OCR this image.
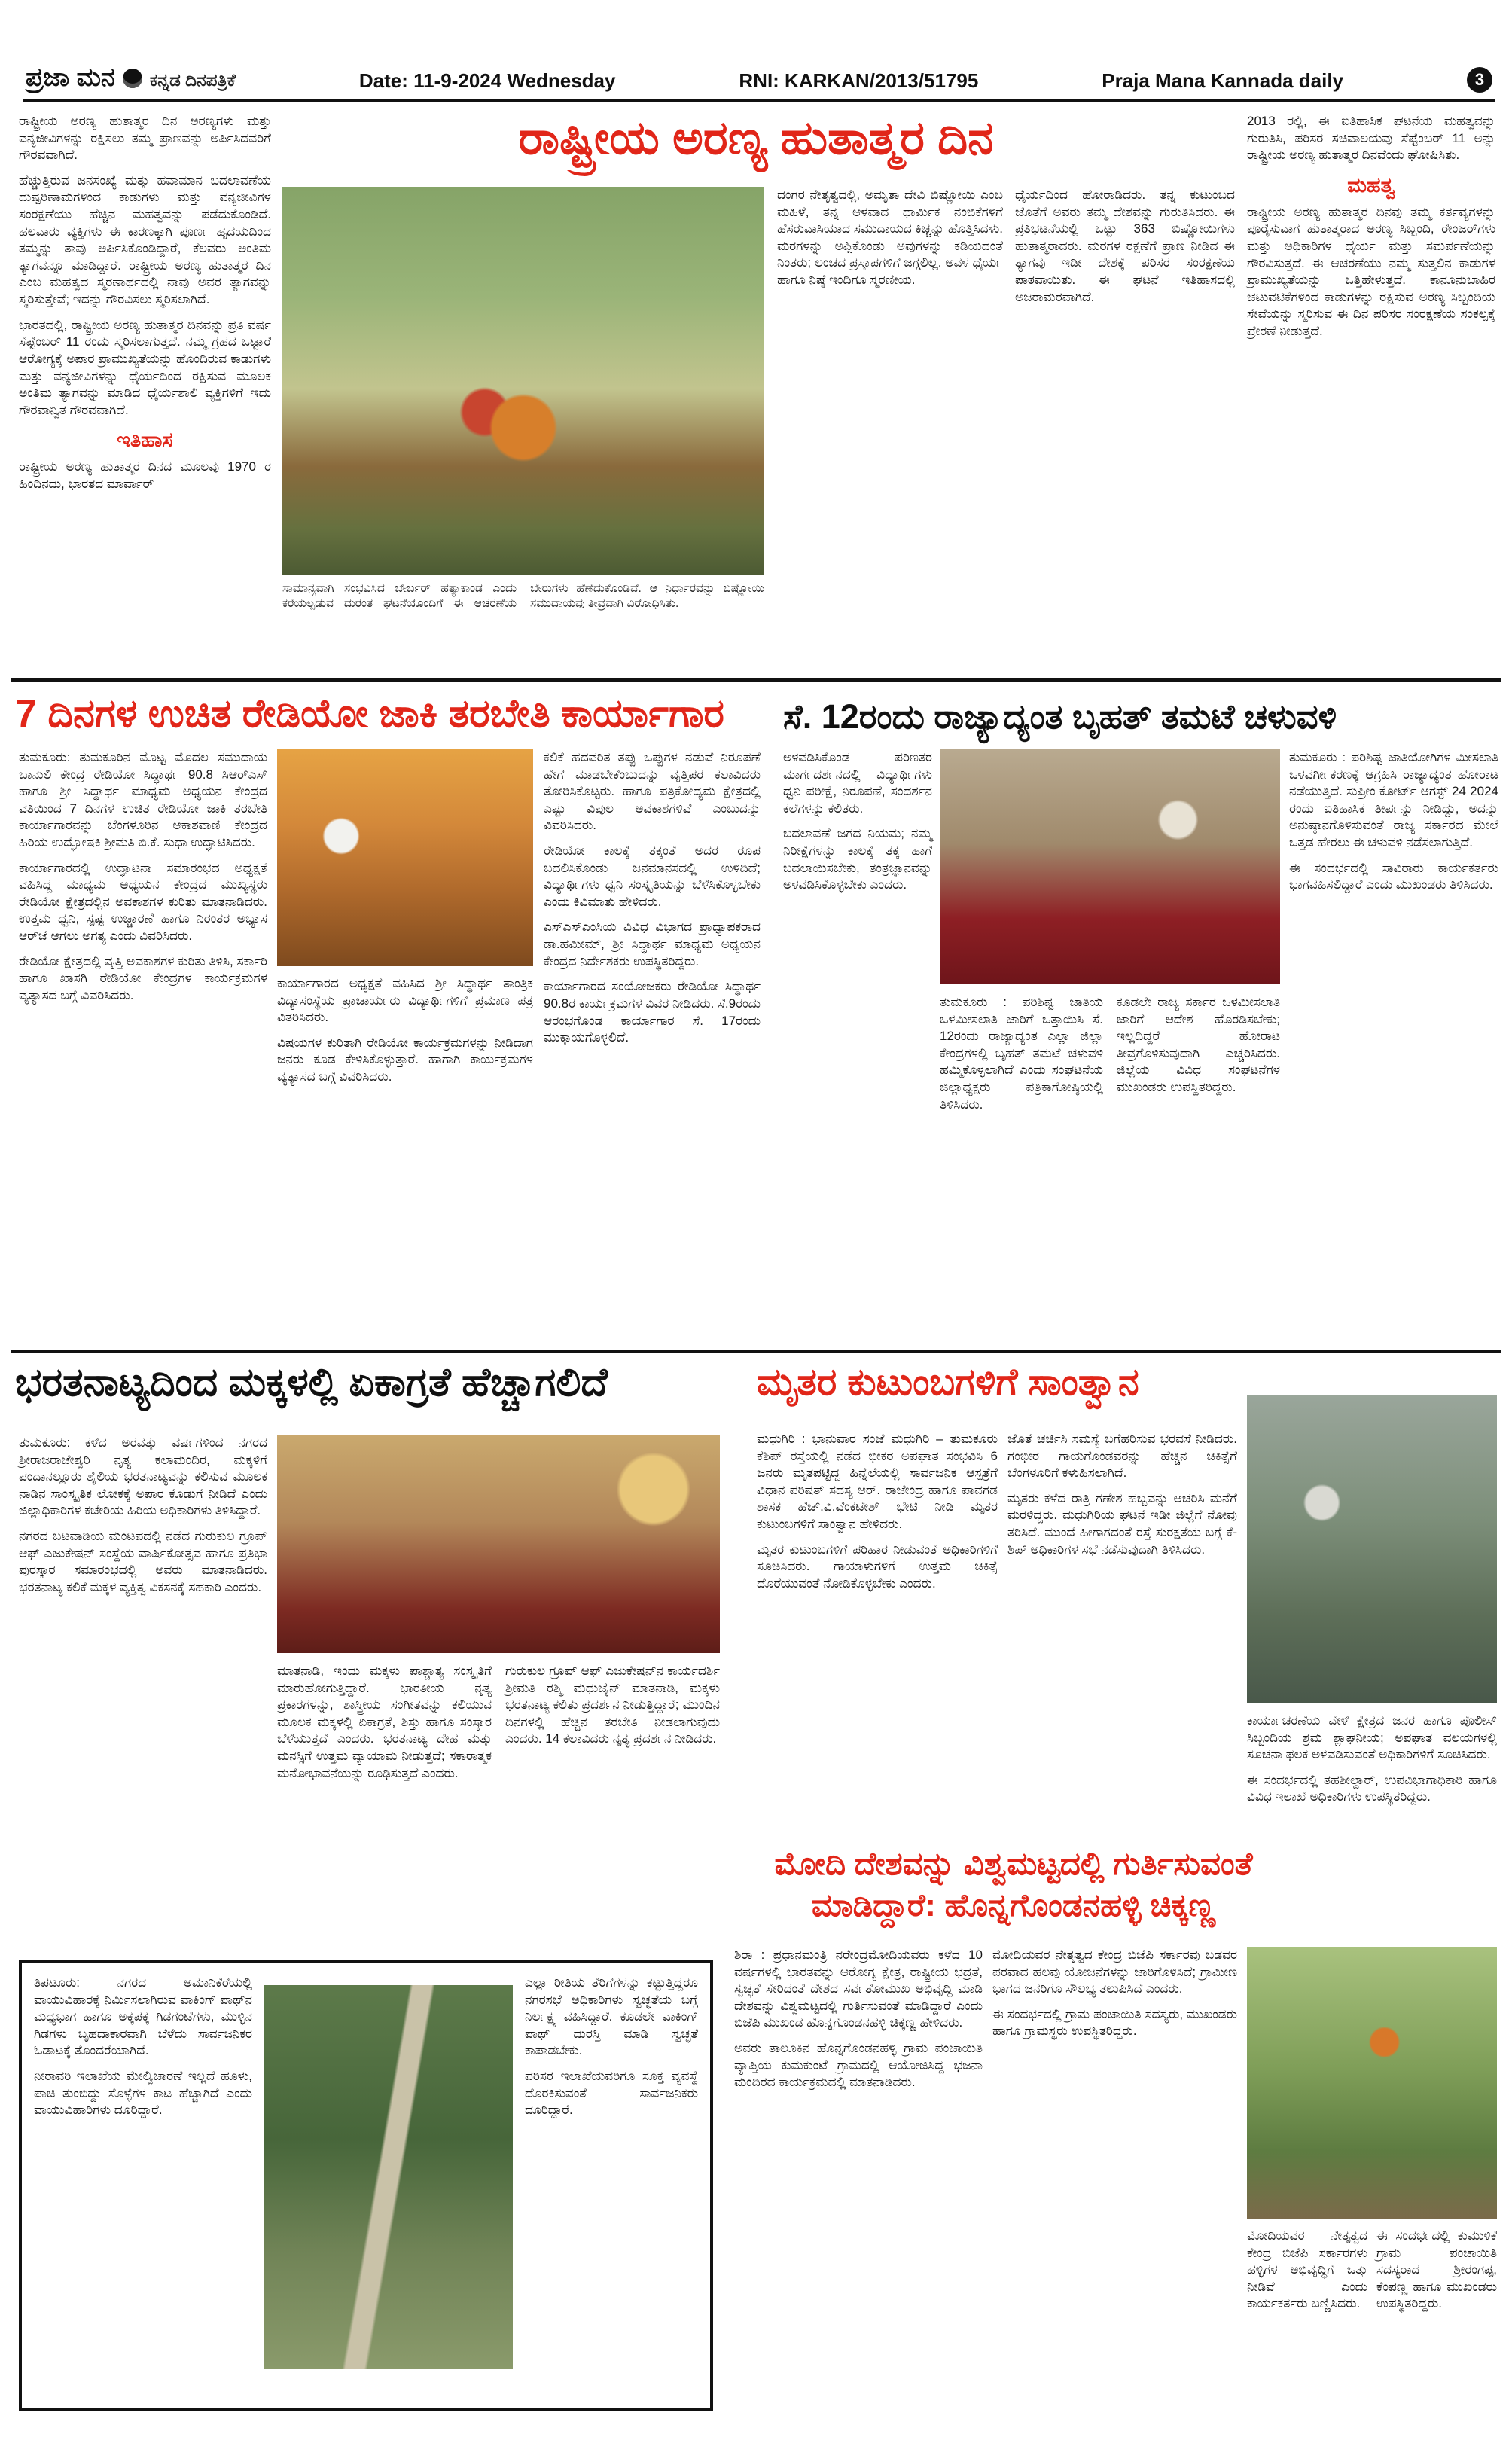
ಪ್ರಜಾ ಮನ ಕನ್ನಡ ದಿನಪತ್ರಿಕೆ	Date: 11-9-2024 Wednesday	RNI: KARKAN/2013/51795	Praja Mana Kannada daily	3

ರಾಷ್ಟ್ರೀಯ ಅರಣ್ಯ ಹುತಾತ್ಮರ ದಿನ ಅರಣ್ಯಗಳು ಮತ್ತು ವನ್ಯಜೀವಿಗಳನ್ನು ರಕ್ಷಿಸಲು ತಮ್ಮ ಪ್ರಾಣವನ್ನು ಅರ್ಪಿಸಿದವರಿಗೆ ಗೌರವವಾಗಿದೆ.

ಹೆಚ್ಚುತ್ತಿರುವ ಜನಸಂಖ್ಯೆ ಮತ್ತು ಹವಾಮಾನ ಬದಲಾವಣೆಯ ದುಷ್ಪರಿಣಾಮಗಳಿಂದ ಕಾಡುಗಳು ಮತ್ತು ವನ್ಯಜೀವಿಗಳ ಸಂರಕ್ಷಣೆಯು ಹೆಚ್ಚಿನ ಮಹತ್ವವನ್ನು ಪಡೆದುಕೊಂಡಿದೆ. ಹಲವಾರು ವ್ಯಕ್ತಿಗಳು ಈ ಕಾರಣಕ್ಕಾಗಿ ಪೂರ್ಣ ಹೃದಯದಿಂದ ತಮ್ಮನ್ನು ತಾವು ಅರ್ಪಿಸಿಕೊಂಡಿದ್ದಾರೆ, ಕೆಲವರು ಅಂತಿಮ ತ್ಯಾಗವನ್ನೂ ಮಾಡಿದ್ದಾರೆ. ರಾಷ್ಟ್ರೀಯ ಅರಣ್ಯ ಹುತಾತ್ಮರ ದಿನ ಎಂಬ ಮಹತ್ವದ ಸ್ಮರಣಾರ್ಥದಲ್ಲಿ ನಾವು ಅವರ ತ್ಯಾಗವನ್ನು ಸ್ಮರಿಸುತ್ತೇವೆ; ಇದನ್ನು ಗೌರವಿಸಲು ಸ್ಮರಿಸಲಾಗಿದೆ.

ಭಾರತದಲ್ಲಿ, ರಾಷ್ಟ್ರೀಯ ಅರಣ್ಯ ಹುತಾತ್ಮರ ದಿನವನ್ನು ಪ್ರತಿ ವರ್ಷ ಸೆಪ್ಟೆಂಬರ್ 11 ರಂದು ಸ್ಮರಿಸಲಾಗುತ್ತದೆ. ನಮ್ಮ ಗ್ರಹದ ಒಟ್ಟಾರೆ ಆರೋಗ್ಯಕ್ಕೆ ಅಪಾರ ಪ್ರಾಮುಖ್ಯತೆಯನ್ನು ಹೊಂದಿರುವ ಕಾಡುಗಳು ಮತ್ತು ವನ್ಯಜೀವಿಗಳನ್ನು ಧೈರ್ಯದಿಂದ ರಕ್ಷಿಸುವ ಮೂಲಕ ಅಂತಿಮ ತ್ಯಾಗವನ್ನು ಮಾಡಿದ ಧೈರ್ಯಶಾಲಿ ವ್ಯಕ್ತಿಗಳಿಗೆ ಇದು ಗೌರವಾನ್ವಿತ ಗೌರವವಾಗಿದೆ.

ಇತಿಹಾಸ

ರಾಷ್ಟ್ರೀಯ ಅರಣ್ಯ ಹುತಾತ್ಮರ ದಿನದ ಮೂಲವು 1970 ರ ಹಿಂದಿನದು, ಭಾರತದ ಮಾರ್ವಾರ್

ರಾಷ್ಟ್ರೀಯ ಅರಣ್ಯ ಹುತಾತ್ಮರ ದಿನ
ಸಾಮಾನ್ಯವಾಗಿ ಸಂಭವಿಸಿದ ಬೇರ್ಬರ್ ಹತ್ಯಾಕಾಂಡ ಎಂದು ಕರೆಯಲ್ಪಡುವ ದುರಂತ ಘಟನೆಯೊಂದಿಗೆ ಈ ಆಚರಣೆಯ ಬೇರುಗಳು ಹೆಣೆದುಕೊಂಡಿವೆ. ಆ ನಿರ್ಧಾರವನ್ನು ಬಿಷ್ಣೋಯಿ ಸಮುದಾಯವು ತೀವ್ರವಾಗಿ ವಿರೋಧಿಸಿತು.

ದಂಗರ ನೇತೃತ್ವದಲ್ಲಿ, ಅಮೃತಾ ದೇವಿ ಬಿಷ್ಣೋಯಿ ಎಂಬ ಮಹಿಳೆ, ತನ್ನ ಆಳವಾದ ಧಾರ್ಮಿಕ ನಂಬಿಕೆಗಳಿಗೆ ಹೆಸರುವಾಸಿಯಾದ ಸಮುದಾಯದ ಕಿಚ್ಚನ್ನು ಹೊತ್ತಿಸಿದಳು. ಮರಗಳನ್ನು ಅಪ್ಪಿಕೊಂಡು ಅವುಗಳನ್ನು ಕಡಿಯದಂತೆ ನಿಂತರು; ಲಂಚದ ಪ್ರಸ್ತಾಪಗಳಿಗೆ ಜಗ್ಗಲಿಲ್ಲ. ಅವಳ ಧೈರ್ಯ ಹಾಗೂ ನಿಷ್ಠೆ ಇಂದಿಗೂ ಸ್ಮರಣೀಯ.

ಧೈರ್ಯದಿಂದ ಹೋರಾಡಿದರು. ತನ್ನ ಕುಟುಂಬದ ಜೊತೆಗೆ ಅವರು ತಮ್ಮ ದೇಶವನ್ನು ಗುರುತಿಸಿದರು. ಈ ಪ್ರತಿಭಟನೆಯಲ್ಲಿ ಒಟ್ಟು 363 ಬಿಷ್ಣೋಯಿಗಳು ಹುತಾತ್ಮರಾದರು. ಮರಗಳ ರಕ್ಷಣೆಗೆ ಪ್ರಾಣ ನೀಡಿದ ಈ ತ್ಯಾಗವು ಇಡೀ ದೇಶಕ್ಕೆ ಪರಿಸರ ಸಂರಕ್ಷಣೆಯ ಪಾಠವಾಯಿತು. ಈ ಘಟನೆ ಇತಿಹಾಸದಲ್ಲಿ ಅಜರಾಮರವಾಗಿದೆ.

2013 ರಲ್ಲಿ, ಈ ಐತಿಹಾಸಿಕ ಘಟನೆಯ ಮಹತ್ವವನ್ನು ಗುರುತಿಸಿ, ಪರಿಸರ ಸಚಿವಾಲಯವು ಸೆಪ್ಟೆಂಬರ್ 11 ಅನ್ನು ರಾಷ್ಟ್ರೀಯ ಅರಣ್ಯ ಹುತಾತ್ಮರ ದಿನವೆಂದು ಘೋಷಿಸಿತು.

ಮಹತ್ವ

ರಾಷ್ಟ್ರೀಯ ಅರಣ್ಯ ಹುತಾತ್ಮರ ದಿನವು ತಮ್ಮ ಕರ್ತವ್ಯಗಳನ್ನು ಪೂರೈಸುವಾಗ ಹುತಾತ್ಮರಾದ ಅರಣ್ಯ ಸಿಬ್ಬಂದಿ, ರೇಂಜರ್‌ಗಳು ಮತ್ತು ಅಧಿಕಾರಿಗಳ ಧೈರ್ಯ ಮತ್ತು ಸಮರ್ಪಣೆಯನ್ನು ಗೌರವಿಸುತ್ತದೆ. ಈ ಆಚರಣೆಯು ನಮ್ಮ ಸುತ್ತಲಿನ ಕಾಡುಗಳ ಪ್ರಾಮುಖ್ಯತೆಯನ್ನು ಒತ್ತಿಹೇಳುತ್ತದೆ. ಕಾನೂನುಬಾಹಿರ ಚಟುವಟಿಕೆಗಳಿಂದ ಕಾಡುಗಳನ್ನು ರಕ್ಷಿಸುವ ಅರಣ್ಯ ಸಿಬ್ಬಂದಿಯ ಸೇವೆಯನ್ನು ಸ್ಮರಿಸುವ ಈ ದಿನ ಪರಿಸರ ಸಂರಕ್ಷಣೆಯ ಸಂಕಲ್ಪಕ್ಕೆ ಪ್ರೇರಣೆ ನೀಡುತ್ತದೆ.

7 ದಿನಗಳ ಉಚಿತ ರೇಡಿಯೋ ಜಾಕಿ ತರಬೇತಿ ಕಾರ್ಯಾಗಾರ	ಸೆ. 12ರಂದು ರಾಜ್ಯಾದ್ಯಂತ ಬೃಹತ್ ತಮಟೆ ಚಳುವಳಿ

ತುಮಕೂರು: ತುಮಕೂರಿನ ಮೊಟ್ಟ ಮೊದಲ ಸಮುದಾಯ ಬಾನುಲಿ ಕೇಂದ್ರ ರೇಡಿಯೋ ಸಿದ್ಧಾರ್ಥ 90.8 ಸಿಆರ್‌ಎಸ್ ಹಾಗೂ ಶ್ರೀ ಸಿದ್ಧಾರ್ಥ ಮಾಧ್ಯಮ ಅಧ್ಯಯನ ಕೇಂದ್ರದ ವತಿಯಿಂದ 7 ದಿನಗಳ ಉಚಿತ ರೇಡಿಯೋ ಜಾಕಿ ತರಬೇತಿ ಕಾರ್ಯಾಗಾರವನ್ನು ಬೆಂಗಳೂರಿನ ಆಕಾಶವಾಣಿ ಕೇಂದ್ರದ ಹಿರಿಯ ಉದ್ಘೋಷಕಿ ಶ್ರೀಮತಿ ಬಿ.ಕೆ. ಸುಧಾ ಉದ್ಘಾಟಿಸಿದರು.

ಕಾರ್ಯಾಗಾರದಲ್ಲಿ ಉದ್ಘಾಟನಾ ಸಮಾರಂಭದ ಅಧ್ಯಕ್ಷತೆ ವಹಿಸಿದ್ದ ಮಾಧ್ಯಮ ಅಧ್ಯಯನ ಕೇಂದ್ರದ ಮುಖ್ಯಸ್ಥರು ರೇಡಿಯೋ ಕ್ಷೇತ್ರದಲ್ಲಿನ ಅವಕಾಶಗಳ ಕುರಿತು ಮಾತನಾಡಿದರು. ಉತ್ತಮ ಧ್ವನಿ, ಸ್ಪಷ್ಟ ಉಚ್ಚಾರಣೆ ಹಾಗೂ ನಿರಂತರ ಅಭ್ಯಾಸ ಆರ್‌ಜೆ ಆಗಲು ಅಗತ್ಯ ಎಂದು ವಿವರಿಸಿದರು.

ರೇಡಿಯೋ ಕ್ಷೇತ್ರದಲ್ಲಿ ವೃತ್ತಿ ಅವಕಾಶಗಳ ಕುರಿತು ತಿಳಿಸಿ, ಸರ್ಕಾರಿ ಹಾಗೂ ಖಾಸಗಿ ರೇಡಿಯೋ ಕೇಂದ್ರಗಳ ಕಾರ್ಯಕ್ರಮಗಳ ವ್ಯತ್ಯಾಸದ ಬಗ್ಗೆ ವಿವರಿಸಿದರು.

ಕಾರ್ಯಾಗಾರದ ಅಧ್ಯಕ್ಷತೆ ವಹಿಸಿದ ಶ್ರೀ ಸಿದ್ಧಾರ್ಥ ತಾಂತ್ರಿಕ ವಿದ್ಯಾಸಂಸ್ಥೆಯ ಪ್ರಾಚಾರ್ಯರು ವಿದ್ಯಾರ್ಥಿಗಳಿಗೆ ಪ್ರಮಾಣ ಪತ್ರ ವಿತರಿಸಿದರು.

ವಿಷಯಗಳ ಕುರಿತಾಗಿ ರೇಡಿಯೋ ಕಾರ್ಯಕ್ರಮಗಳನ್ನು ನೀಡಿದಾಗ ಜನರು ಕೂಡ ಕೇಳಿಸಿಕೊಳ್ಳುತ್ತಾರೆ. ಹಾಗಾಗಿ ಕಾರ್ಯಕ್ರಮಗಳ ವ್ಯತ್ಯಾಸದ ಬಗ್ಗೆ ವಿವರಿಸಿದರು.

ಕಲಿಕೆ ಹದವರಿತ ತಪ್ಪು ಒಪ್ಪುಗಳ ನಡುವೆ ನಿರೂಪಣೆ ಹೇಗೆ ಮಾಡಬೇಕೆಂಬುದನ್ನು ವೃತ್ತಿಪರ ಕಲಾವಿದರು ತೋರಿಸಿಕೊಟ್ಟರು. ಹಾಗೂ ಪತ್ರಿಕೋದ್ಯಮ ಕ್ಷೇತ್ರದಲ್ಲಿ ಎಷ್ಟು ವಿಪುಲ ಅವಕಾಶಗಳಿವೆ ಎಂಬುದನ್ನು ವಿವರಿಸಿದರು.

ರೇಡಿಯೋ ಕಾಲಕ್ಕೆ ತಕ್ಕಂತೆ ಅದರ ರೂಪ ಬದಲಿಸಿಕೊಂಡು ಜನಮಾನಸದಲ್ಲಿ ಉಳಿದಿದೆ; ವಿದ್ಯಾರ್ಥಿಗಳು ಧ್ವನಿ ಸಂಸ್ಕೃತಿಯನ್ನು ಬೆಳೆಸಿಕೊಳ್ಳಬೇಕು ಎಂದು ಕಿವಿಮಾತು ಹೇಳಿದರು.

ಎಸ್‌ಎಸ್‌ಎಂಸಿಯ ವಿವಿಧ ವಿಭಾಗದ ಪ್ರಾಧ್ಯಾಪಕರಾದ ಡಾ.ಹಮೀಮ್, ಶ್ರೀ ಸಿದ್ಧಾರ್ಥ ಮಾಧ್ಯಮ ಅಧ್ಯಯನ ಕೇಂದ್ರದ ನಿರ್ದೇಶಕರು ಉಪಸ್ಥಿತರಿದ್ದರು.

ಕಾರ್ಯಾಗಾರದ ಸಂಯೋಜಕರು ರೇಡಿಯೋ ಸಿದ್ಧಾರ್ಥ 90.8ರ ಕಾರ್ಯಕ್ರಮಗಳ ವಿವರ ನೀಡಿದರು. ಸೆ.9ರಂದು ಆರಂಭಗೊಂಡ ಕಾರ್ಯಾಗಾರ ಸೆ. 17ರಂದು ಮುಕ್ತಾಯಗೊಳ್ಳಲಿದೆ.

ಅಳವಡಿಸಿಕೊಂಡ ಪರಿಣತರ ಮಾರ್ಗದರ್ಶನದಲ್ಲಿ ವಿದ್ಯಾರ್ಥಿಗಳು ಧ್ವನಿ ಪರೀಕ್ಷೆ, ನಿರೂಪಣೆ, ಸಂದರ್ಶನ ಕಲೆಗಳನ್ನು ಕಲಿತರು.

ಬದಲಾವಣೆ ಜಗದ ನಿಯಮ; ನಮ್ಮ ನಿರೀಕ್ಷೆಗಳನ್ನು ಕಾಲಕ್ಕೆ ತಕ್ಕ ಹಾಗೆ ಬದಲಾಯಿಸಬೇಕು, ತಂತ್ರಜ್ಞಾನವನ್ನು ಅಳವಡಿಸಿಕೊಳ್ಳಬೇಕು ಎಂದರು.

ತುಮಕೂರು : ಪರಿಶಿಷ್ಟ ಜಾತಿಯ ಒಳಮೀಸಲಾತಿ ಜಾರಿಗೆ ಒತ್ತಾಯಿಸಿ ಸೆ. 12ರಂದು ರಾಜ್ಯಾದ್ಯಂತ ಎಲ್ಲಾ ಜಿಲ್ಲಾ ಕೇಂದ್ರಗಳಲ್ಲಿ ಬೃಹತ್ ತಮಟೆ ಚಳುವಳಿ ಹಮ್ಮಿಕೊಳ್ಳಲಾಗಿದೆ ಎಂದು ಸಂಘಟನೆಯ ಜಿಲ್ಲಾಧ್ಯಕ್ಷರು ಪತ್ರಿಕಾಗೋಷ್ಠಿಯಲ್ಲಿ ತಿಳಿಸಿದರು.

ಕೂಡಲೇ ರಾಜ್ಯ ಸರ್ಕಾರ ಒಳಮೀಸಲಾತಿ ಜಾರಿಗೆ ಆದೇಶ ಹೊರಡಿಸಬೇಕು; ಇಲ್ಲದಿದ್ದರೆ ಹೋರಾಟ ತೀವ್ರಗೊಳಿಸುವುದಾಗಿ ಎಚ್ಚರಿಸಿದರು. ಜಿಲ್ಲೆಯ ವಿವಿಧ ಸಂಘಟನೆಗಳ ಮುಖಂಡರು ಉಪಸ್ಥಿತರಿದ್ದರು.

ತುಮಕೂರು : ಪರಿಶಿಷ್ಟ ಜಾತಿಯೋಗಿಗಳ ಮೀಸಲಾತಿ ಒಳವರ್ಗೀಕರಣಕ್ಕೆ ಆಗ್ರಹಿಸಿ ರಾಜ್ಯಾದ್ಯಂತ ಹೋರಾಟ ನಡೆಯುತ್ತಿದೆ. ಸುಪ್ರೀಂ ಕೋರ್ಟ್ ಆಗಸ್ಟ್ 24 2024 ರಂದು ಐತಿಹಾಸಿಕ ತೀರ್ಪನ್ನು ನೀಡಿದ್ದು, ಅದನ್ನು ಅನುಷ್ಠಾನಗೊಳಿಸುವಂತೆ ರಾಜ್ಯ ಸರ್ಕಾರದ ಮೇಲೆ ಒತ್ತಡ ಹೇರಲು ಈ ಚಳುವಳಿ ನಡೆಸಲಾಗುತ್ತಿದೆ.

ಈ ಸಂದರ್ಭದಲ್ಲಿ ಸಾವಿರಾರು ಕಾರ್ಯಕರ್ತರು ಭಾಗವಹಿಸಲಿದ್ದಾರೆ ಎಂದು ಮುಖಂಡರು ತಿಳಿಸಿದರು.

ಭರತನಾಟ್ಯದಿಂದ ಮಕ್ಕಳಲ್ಲಿ ಏಕಾಗ್ರತೆ ಹೆಚ್ಚಾಗಲಿದೆ

ತುಮಕೂರು: ಕಳೆದ ಅರವತ್ತು ವರ್ಷಗಳಿಂದ ನಗರದ ಶ್ರೀರಾಜರಾಜೇಶ್ವರಿ ನೃತ್ಯ ಕಲಾಮಂದಿರ, ಮಕ್ಕಳಿಗೆ ಪಂದಾನಲ್ಲೂರು ಶೈಲಿಯ ಭರತನಾಟ್ಯವನ್ನು ಕಲಿಸುವ ಮೂಲಕ ನಾಡಿನ ಸಾಂಸ್ಕೃತಿಕ ಲೋಕಕ್ಕೆ ಅಪಾರ ಕೊಡುಗೆ ನೀಡಿದೆ ಎಂದು ಜಿಲ್ಲಾಧಿಕಾರಿಗಳ ಕಚೇರಿಯ ಹಿರಿಯ ಅಧಿಕಾರಿಗಳು ತಿಳಿಸಿದ್ದಾರೆ.

ನಗರದ ಬಟವಾಡಿಯ ಮಂಟಪದಲ್ಲಿ ನಡೆದ ಗುರುಕುಲ ಗ್ರೂಪ್ ಆಫ್ ಎಜುಕೇಷನ್ ಸಂಸ್ಥೆಯ ವಾರ್ಷಿಕೋತ್ಸವ ಹಾಗೂ ಪ್ರತಿಭಾ ಪುರಸ್ಕಾರ ಸಮಾರಂಭದಲ್ಲಿ ಅವರು ಮಾತನಾಡಿದರು. ಭರತನಾಟ್ಯ ಕಲಿಕೆ ಮಕ್ಕಳ ವ್ಯಕ್ತಿತ್ವ ವಿಕಸನಕ್ಕೆ ಸಹಕಾರಿ ಎಂದರು.

ಮಾತನಾಡಿ, ಇಂದು ಮಕ್ಕಳು ಪಾಶ್ಚಾತ್ಯ ಸಂಸ್ಕೃತಿಗೆ ಮಾರುಹೋಗುತ್ತಿದ್ದಾರೆ. ಭಾರತೀಯ ನೃತ್ಯ ಪ್ರಕಾರಗಳನ್ನು, ಶಾಸ್ತ್ರೀಯ ಸಂಗೀತವನ್ನು ಕಲಿಯುವ ಮೂಲಕ ಮಕ್ಕಳಲ್ಲಿ ಏಕಾಗ್ರತೆ, ಶಿಸ್ತು ಹಾಗೂ ಸಂಸ್ಕಾರ ಬೆಳೆಯುತ್ತದೆ ಎಂದರು. ಭರತನಾಟ್ಯ ದೇಹ ಮತ್ತು ಮನಸ್ಸಿಗೆ ಉತ್ತಮ ವ್ಯಾಯಾಮ ನೀಡುತ್ತದೆ; ಸಕಾರಾತ್ಮಕ ಮನೋಭಾವನೆಯನ್ನು ರೂಢಿಸುತ್ತದೆ ಎಂದರು.

ಗುರುಕುಲ ಗ್ರೂಪ್ ಆಫ್ ಎಜುಕೇಷನ್‌ನ ಕಾರ್ಯದರ್ಶಿ ಶ್ರೀಮತಿ ರಶ್ಮಿ ಮಧುಜೈನ್ ಮಾತನಾಡಿ, ಮಕ್ಕಳು ಭರತನಾಟ್ಯ ಕಲಿತು ಪ್ರದರ್ಶನ ನೀಡುತ್ತಿದ್ದಾರೆ; ಮುಂದಿನ ದಿನಗಳಲ್ಲಿ ಹೆಚ್ಚಿನ ತರಬೇತಿ ನೀಡಲಾಗುವುದು ಎಂದರು. 14 ಕಲಾವಿದರು ನೃತ್ಯ ಪ್ರದರ್ಶನ ನೀಡಿದರು.

ಮೃತರ ಕುಟುಂಬಗಳಿಗೆ ಸಾಂತ್ವಾನ

ಮಧುಗಿರಿ : ಭಾನುವಾರ ಸಂಜೆ ಮಧುಗಿರಿ – ತುಮಕೂರು ಕೆಶಿಪ್ ರಸ್ತೆಯಲ್ಲಿ ನಡೆದ ಭೀಕರ ಅಪಘಾತ ಸಂಭವಿಸಿ 6 ಜನರು ಮೃತಪಟ್ಟಿದ್ದ ಹಿನ್ನೆಲೆಯಲ್ಲಿ ಸಾರ್ವಜನಿಕ ಆಸ್ಪತ್ರೆಗೆ ವಿಧಾನ ಪರಿಷತ್ ಸದಸ್ಯ ಆರ್. ರಾಜೇಂದ್ರ ಹಾಗೂ ಪಾವಗಡ ಶಾಸಕ ಹೆಚ್.ವಿ.ವೆಂಕಟೇಶ್ ಭೇಟಿ ನೀಡಿ ಮೃತರ ಕುಟುಂಬಗಳಿಗೆ ಸಾಂತ್ವಾನ ಹೇಳಿದರು.

ಮೃತರ ಕುಟುಂಬಗಳಿಗೆ ಪರಿಹಾರ ನೀಡುವಂತೆ ಅಧಿಕಾರಿಗಳಿಗೆ ಸೂಚಿಸಿದರು. ಗಾಯಾಳುಗಳಿಗೆ ಉತ್ತಮ ಚಿಕಿತ್ಸೆ ದೊರೆಯುವಂತೆ ನೋಡಿಕೊಳ್ಳಬೇಕು ಎಂದರು.

ಜೊತೆ ಚರ್ಚಿಸಿ ಸಮಸ್ಯೆ ಬಗೆಹರಿಸುವ ಭರವಸೆ ನೀಡಿದರು. ಗಂಭೀರ ಗಾಯಗೊಂಡವರನ್ನು ಹೆಚ್ಚಿನ ಚಿಕಿತ್ಸೆಗೆ ಬೆಂಗಳೂರಿಗೆ ಕಳುಹಿಸಲಾಗಿದೆ.

ಮೃತರು ಕಳೆದ ರಾತ್ರಿ ಗಣೇಶ ಹಬ್ಬವನ್ನು ಆಚರಿಸಿ ಮನೆಗೆ ಮರಳಿದ್ದರು. ಮಧುಗಿರಿಯ ಘಟನೆ ಇಡೀ ಜಿಲ್ಲೆಗೆ ನೋವು ತರಿಸಿದೆ. ಮುಂದೆ ಹೀಗಾಗದಂತೆ ರಸ್ತೆ ಸುರಕ್ಷತೆಯ ಬಗ್ಗೆ ಕೆ-ಶಿಪ್ ಅಧಿಕಾರಿಗಳ ಸಭೆ ನಡೆಸುವುದಾಗಿ ತಿಳಿಸಿದರು.

ಕಾರ್ಯಾಚರಣೆಯ ವೇಳೆ ಕ್ಷೇತ್ರದ ಜನರ ಹಾಗೂ ಪೊಲೀಸ್ ಸಿಬ್ಬಂದಿಯ ಶ್ರಮ ಶ್ಲಾಘನೀಯ; ಅಪಘಾತ ವಲಯಗಳಲ್ಲಿ ಸೂಚನಾ ಫಲಕ ಅಳವಡಿಸುವಂತೆ ಅಧಿಕಾರಿಗಳಿಗೆ ಸೂಚಿಸಿದರು.

ಈ ಸಂದರ್ಭದಲ್ಲಿ ತಹಶೀಲ್ದಾರ್, ಉಪವಿಭಾಗಾಧಿಕಾರಿ ಹಾಗೂ ವಿವಿಧ ಇಲಾಖೆ ಅಧಿಕಾರಿಗಳು ಉಪಸ್ಥಿತರಿದ್ದರು.

ಮೋದಿ ದೇಶವನ್ನು ವಿಶ್ವಮಟ್ಟದಲ್ಲಿ ಗುರ್ತಿಸುವಂತೆ
ಮಾಡಿದ್ದಾರೆ: ಹೊನ್ನಗೊಂಡನಹಳ್ಳಿ ಚಿಕ್ಕಣ್ಣ

ತಿಪಟೂರು: ನಗರದ ಅಮಾನಿಕೆರೆಯಲ್ಲಿ ವಾಯುವಿಹಾರಕ್ಕೆ ನಿರ್ಮಿಸಲಾಗಿರುವ ವಾಕಿಂಗ್ ಪಾಥ್‌ನ ಮಧ್ಯಭಾಗ ಹಾಗೂ ಅಕ್ಕಪಕ್ಕ ಗಿಡಗಂಟೆಗಳು, ಮುಳ್ಳಿನ ಗಿಡಗಳು ಬೃಹದಾಕಾರವಾಗಿ ಬೆಳೆದು ಸಾರ್ವಜನಿಕರ ಓಡಾಟಕ್ಕೆ ತೊಂದರೆಯಾಗಿದೆ.

ನೀರಾವರಿ ಇಲಾಖೆಯ ಮೇಲ್ವಿಚಾರಣೆ ಇಲ್ಲದೆ ಹೂಳು, ಪಾಚಿ ತುಂಬಿದ್ದು ಸೊಳ್ಳೆಗಳ ಕಾಟ ಹೆಚ್ಚಾಗಿದೆ ಎಂದು ವಾಯುವಿಹಾರಿಗಳು ದೂರಿದ್ದಾರೆ.

ಎಲ್ಲಾ ರೀತಿಯ ತೆರಿಗೆಗಳನ್ನು ಕಟ್ಟುತ್ತಿದ್ದರೂ ನಗರಸಭೆ ಅಧಿಕಾರಿಗಳು ಸ್ವಚ್ಛತೆಯ ಬಗ್ಗೆ ನಿರ್ಲಕ್ಷ್ಯ ವಹಿಸಿದ್ದಾರೆ. ಕೂಡಲೇ ವಾಕಿಂಗ್ ಪಾಥ್ ದುರಸ್ತಿ ಮಾಡಿ ಸ್ವಚ್ಛತೆ ಕಾಪಾಡಬೇಕು.

ಪರಿಸರ ಇಲಾಖೆಯವರಿಗೂ ಸೂಕ್ತ ವ್ಯವಸ್ಥೆ ದೊರಕಿಸುವಂತೆ ಸಾರ್ವಜನಿಕರು ದೂರಿದ್ದಾರೆ.

ಶಿರಾ : ಪ್ರಧಾನಮಂತ್ರಿ ನರೇಂದ್ರಮೋದಿಯವರು ಕಳೆದ 10 ವರ್ಷಗಳಲ್ಲಿ ಭಾರತವನ್ನು ಆರೋಗ್ಯ ಕ್ಷೇತ್ರ, ರಾಷ್ಟ್ರೀಯ ಭದ್ರತೆ, ಸ್ವಚ್ಛತೆ ಸೇರಿದಂತೆ ದೇಶದ ಸರ್ವತೋಮುಖ ಅಭಿವೃದ್ಧಿ ಮಾಡಿ ದೇಶವನ್ನು ವಿಶ್ವಮಟ್ಟದಲ್ಲಿ ಗುರ್ತಿಸುವಂತೆ ಮಾಡಿದ್ದಾರೆ ಎಂದು ಬಿಜೆಪಿ ಮುಖಂಡ ಹೊನ್ನಗೊಂಡನಹಳ್ಳಿ ಚಿಕ್ಕಣ್ಣ ಹೇಳಿದರು.

ಅವರು ತಾಲೂಕಿನ ಹೊನ್ನಗೊಂಡನಹಳ್ಳಿ ಗ್ರಾಮ ಪಂಚಾಯಿತಿ ವ್ಯಾಪ್ತಿಯ ಕುಮಕುಂಟೆ ಗ್ರಾಮದಲ್ಲಿ ಆಯೋಜಿಸಿದ್ದ ಭಜನಾ ಮಂದಿರದ ಕಾರ್ಯಕ್ರಮದಲ್ಲಿ ಮಾತನಾಡಿದರು.

ಮೋದಿಯವರ ನೇತೃತ್ವದ ಕೇಂದ್ರ ಬಿಜೆಪಿ ಸರ್ಕಾರವು ಬಡವರ ಪರವಾದ ಹಲವು ಯೋಜನೆಗಳನ್ನು ಜಾರಿಗೊಳಿಸಿದೆ; ಗ್ರಾಮೀಣ ಭಾಗದ ಜನರಿಗೂ ಸೌಲಭ್ಯ ತಲುಪಿಸಿದೆ ಎಂದರು.

ಈ ಸಂದರ್ಭದಲ್ಲಿ ಗ್ರಾಮ ಪಂಚಾಯಿತಿ ಸದಸ್ಯರು, ಮುಖಂಡರು ಹಾಗೂ ಗ್ರಾಮಸ್ಥರು ಉಪಸ್ಥಿತರಿದ್ದರು.

ಮೋದಿಯವರ ನೇತೃತ್ವದ ಕೇಂದ್ರ ಬಿಜೆಪಿ ಸರ್ಕಾರಗಳು ಹಳ್ಳಿಗಳ ಅಭಿವೃದ್ಧಿಗೆ ಒತ್ತು ನೀಡಿವೆ ಎಂದು ಕಾರ್ಯಕರ್ತರು ಬಣ್ಣಿಸಿದರು.

ಈ ಸಂದರ್ಭದಲ್ಲಿ ಕುಮುಳಿಕೆ ಗ್ರಾಮ ಪಂಚಾಯಿತಿ ಸದಸ್ಯರಾದ ಶ್ರೀರಂಗಪ್ಪ, ಕೆಂಪಣ್ಣ ಹಾಗೂ ಮುಖಂಡರು ಉಪಸ್ಥಿತರಿದ್ದರು.
